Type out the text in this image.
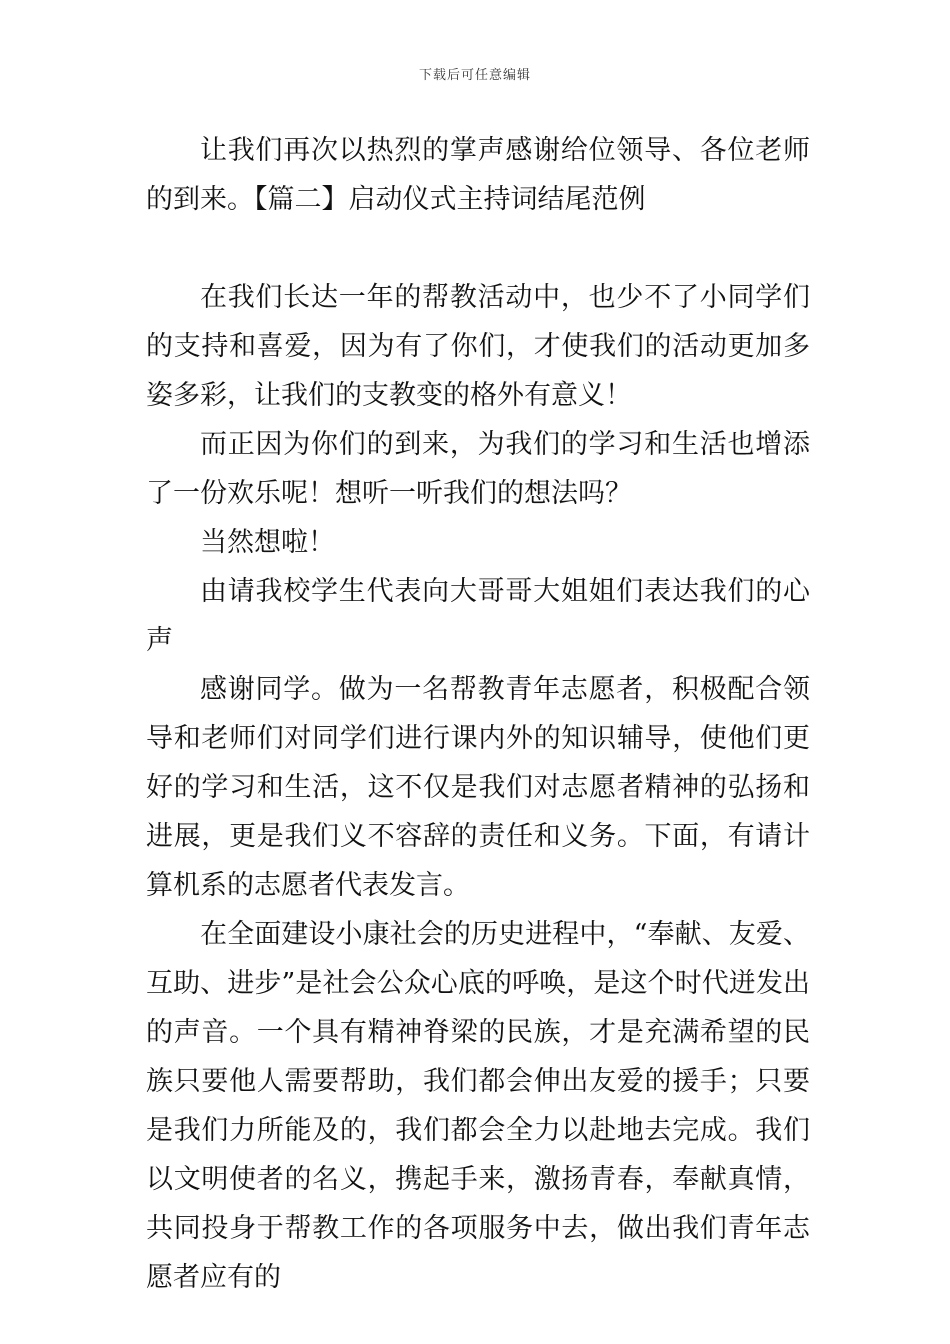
下载后可任意编辑

让我们再次以热烈的掌声感谢给位领导、各位老师的到来。【篇二】启动仪式主持词结尾范例

在我们长达一年的帮教活动中，也少不了小同学们的支持和喜爱，因为有了你们，才使我们的活动更加多姿多彩，让我们的支教变的格外有意义！

而正因为你们的到来，为我们的学习和生活也增添了一份欢乐呢！想听一听我们的想法吗？

当然想啦！

由请我校学生代表向大哥哥大姐姐们表达我们的心声

感谢同学。做为一名帮教青年志愿者，积极配合领导和老师们对同学们进行课内外的知识辅导，使他们更好的学习和生活，这不仅是我们对志愿者精神的弘扬和进展，更是我们义不容辞的责任和义务。下面，有请计算机系的志愿者代表发言。

在全面建设小康社会的历史进程中，“奉献、友爱、互助、进步”是社会公众心底的呼唤，是这个时代迸发出的声音。一个具有精神脊梁的民族，才是充满希望的民族只要他人需要帮助，我们都会伸出友爱的援手；只要是我们力所能及的，我们都会全力以赴地去完成。我们以文明使者的名义，携起手来，激扬青春，奉献真情，共同投身于帮教工作的各项服务中去，做出我们青年志愿者应有的
